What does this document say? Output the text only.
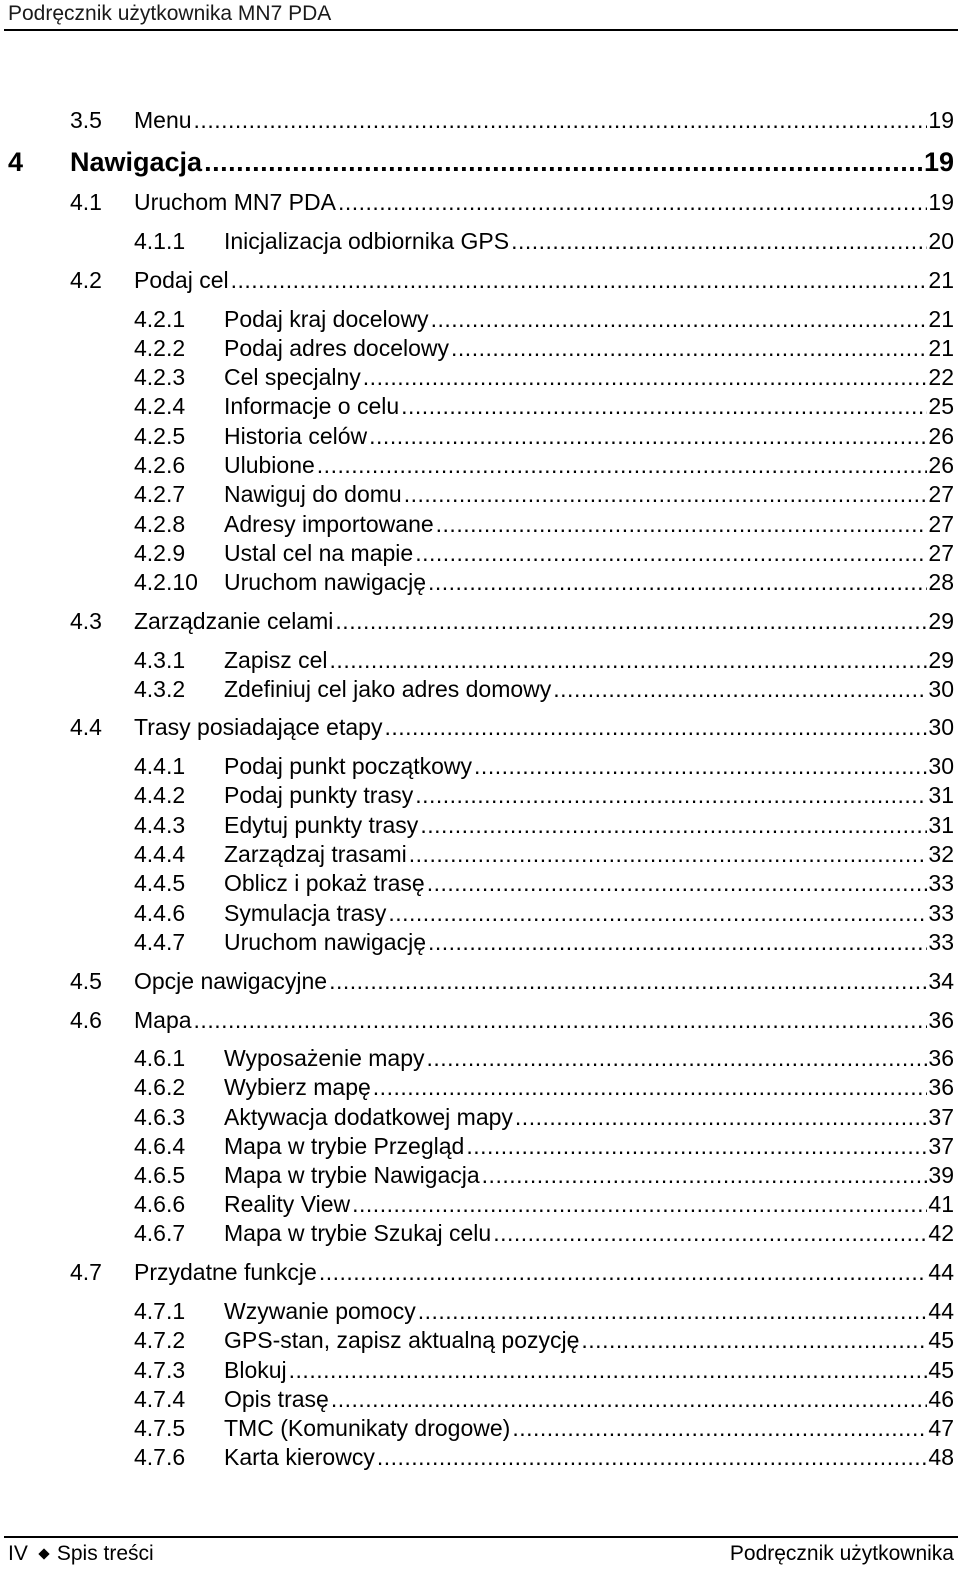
Podręcznik użytkownika MN7 PDA
3.5	Menu .....	19
4	Nawigacja .....	19
4.1	Uruchom MN7 PDA .....	19
4.1.1	Inicjalizacja odbiornika GPS .....	20
4.2	Podaj cel .....	21
4.2.1	Podaj kraj docelowy .....	21
4.2.2	Podaj adres docelowy .....	21
4.2.3	Cel specjalny .....	22
4.2.4	Informacje o celu .....	25
4.2.5	Historia celów .....	26
4.2.6	Ulubione .....	26
4.2.7	Nawiguj do domu .....	27
4.2.8	Adresy importowane .....	27
4.2.9	Ustal cel na mapie .....	27
4.2.10	Uruchom nawigację .....	28
4.3	Zarządzanie celami .....	29
4.3.1	Zapisz cel .....	29
4.3.2	Zdefiniuj cel jako adres domowy .....	30
4.4	Trasy posiadające etapy .....	30
4.4.1	Podaj punkt początkowy .....	30
4.4.2	Podaj punkty trasy .....	31
4.4.3	Edytuj punkty trasy .....	31
4.4.4	Zarządzaj trasami .....	32
4.4.5	Oblicz i pokaż trasę .....	33
4.4.6	Symulacja trasy .....	33
4.4.7	Uruchom nawigację .....	33
4.5	Opcje nawigacyjne .....	34
4.6	Mapa .....	36
4.6.1	Wyposażenie mapy .....	36
4.6.2	Wybierz mapę .....	36
4.6.3	Aktywacja dodatkowej mapy .....	37
4.6.4	Mapa w trybie Przegląd .....	37
4.6.5	Mapa w trybie Nawigacja .....	39
4.6.6	Reality View .....	41
4.6.7	Mapa w trybie Szukaj celu .....	42
4.7	Przydatne funkcje .....	44
4.7.1	Wzywanie pomocy .....	44
4.7.2	GPS-stan, zapisz aktualną pozycję .....	45
4.7.3	Blokuj .....	45
4.7.4	Opis trasę .....	46
4.7.5	TMC (Komunikaty drogowe) .....	47
4.7.6	Karta kierowcy .....	48
IV Spis treści	Podręcznik użytkownika
